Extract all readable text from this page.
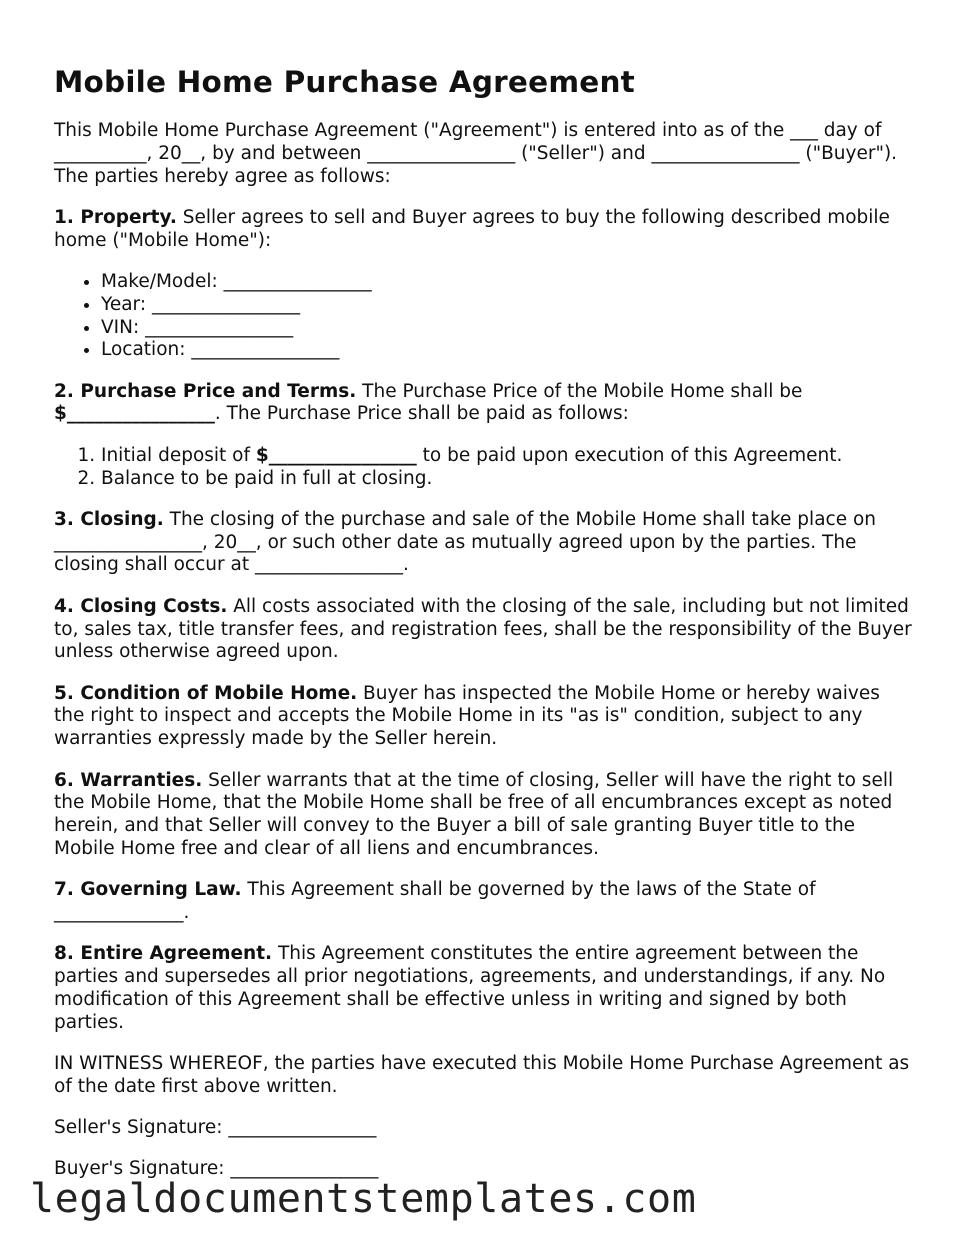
Mobile Home Purchase Agreement

This Mobile Home Purchase Agreement ("Agreement") is entered into as of the ___ day of __________, 20__, by and between ________________ ("Seller") and ________________ ("Buyer"). The parties hereby agree as follows:

1. Property. Seller agrees to sell and Buyer agrees to buy the following described mobile home ("Mobile Home"):

• Make/Model: ________________
• Year: ________________
• VIN: ________________
• Location: ________________

2. Purchase Price and Terms. The Purchase Price of the Mobile Home shall be $________________. The Purchase Price shall be paid as follows:

1. Initial deposit of $________________ to be paid upon execution of this Agreement.
2. Balance to be paid in full at closing.

3. Closing. The closing of the purchase and sale of the Mobile Home shall take place on ________________, 20__, or such other date as mutually agreed upon by the parties. The closing shall occur at ________________.

4. Closing Costs. All costs associated with the closing of the sale, including but not limited to, sales tax, title transfer fees, and registration fees, shall be the responsibility of the Buyer unless otherwise agreed upon.

5. Condition of Mobile Home. Buyer has inspected the Mobile Home or hereby waives the right to inspect and accepts the Mobile Home in its "as is" condition, subject to any warranties expressly made by the Seller herein.

6. Warranties. Seller warrants that at the time of closing, Seller will have the right to sell the Mobile Home, that the Mobile Home shall be free of all encumbrances except as noted herein, and that Seller will convey to the Buyer a bill of sale granting Buyer title to the Mobile Home free and clear of all liens and encumbrances.

7. Governing Law. This Agreement shall be governed by the laws of the State of ______________.

8. Entire Agreement. This Agreement constitutes the entire agreement between the parties and supersedes all prior negotiations, agreements, and understandings, if any. No modification of this Agreement shall be effective unless in writing and signed by both parties.

IN WITNESS WHEREOF, the parties have executed this Mobile Home Purchase Agreement as of the date first above written.

Seller's Signature: ________________

Buyer's Signature: ________________

legaldocumentstemplates.com
